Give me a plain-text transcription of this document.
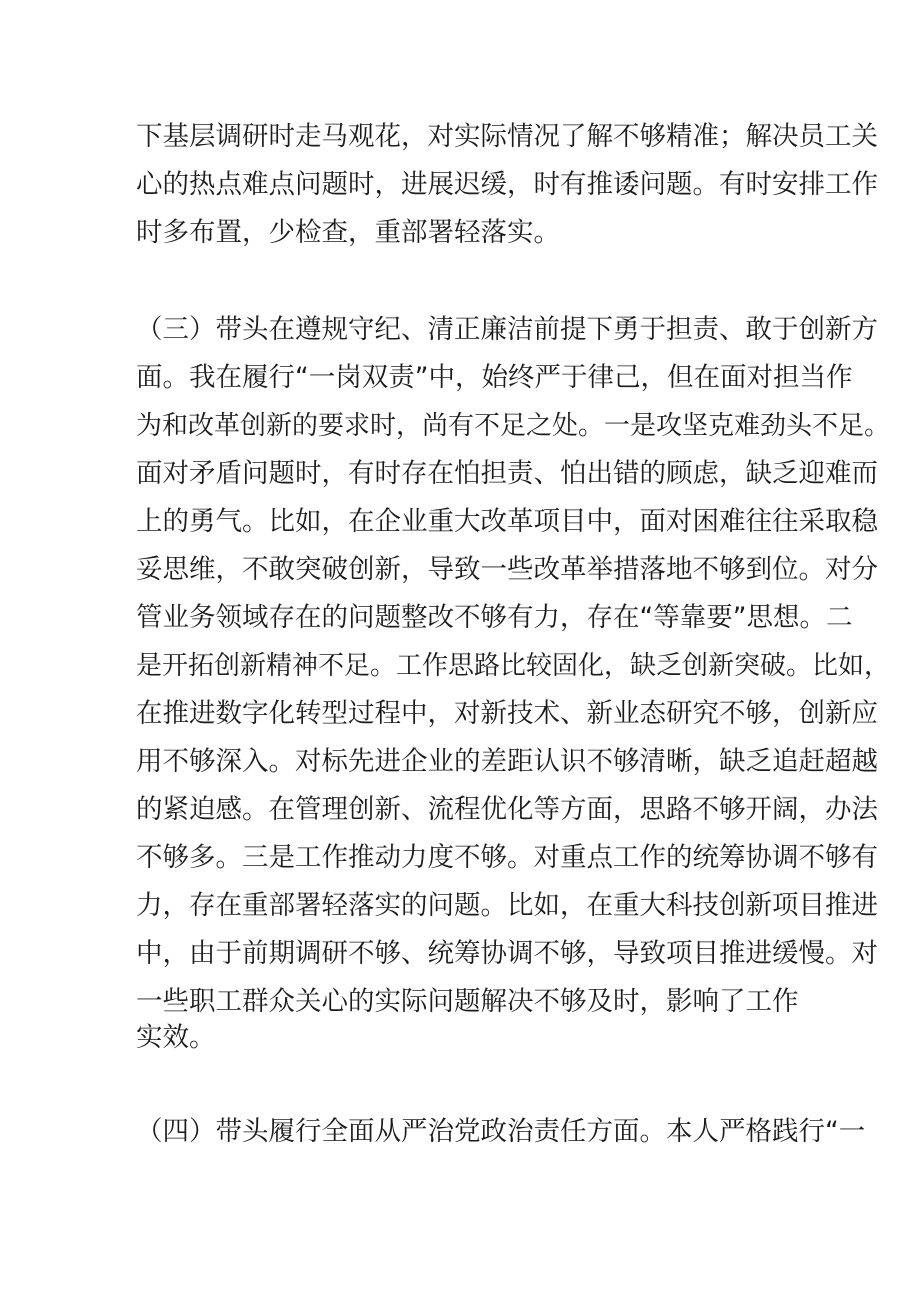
下基层调研时走马观花，对实际情况了解不够精准；解决员工关
心的热点难点问题时，进展迟缓，时有推诿问题。有时安排工作
时多布置，少检查，重部署轻落实。
（三）带头在遵规守纪、清正廉洁前提下勇于担责、敢于创新方
面。我在履行“一岗双责”中，始终严于律己，但在面对担当作
为和改革创新的要求时，尚有不足之处。一是攻坚克难劲头不足。
面对矛盾问题时，有时存在怕担责、怕出错的顾虑，缺乏迎难而
上的勇气。比如，在企业重大改革项目中，面对困难往往采取稳
妥思维，不敢突破创新，导致一些改革举措落地不够到位。对分
管业务领域存在的问题整改不够有力，存在“等靠要”思想。二
是开拓创新精神不足。工作思路比较固化，缺乏创新突破。比如，
在推进数字化转型过程中，对新技术、新业态研究不够，创新应
用不够深入。对标先进企业的差距认识不够清晰，缺乏追赶超越
的紧迫感。在管理创新、流程优化等方面，思路不够开阔，办法
不够多。三是工作推动力度不够。对重点工作的统筹协调不够有
力，存在重部署轻落实的问题。比如，在重大科技创新项目推进
中，由于前期调研不够、统筹协调不够，导致项目推进缓慢。对
一些职工群众关心的实际问题解决不够及时，影响了工作
实效。
（四）带头履行全面从严治党政治责任方面。本人严格践行“一
